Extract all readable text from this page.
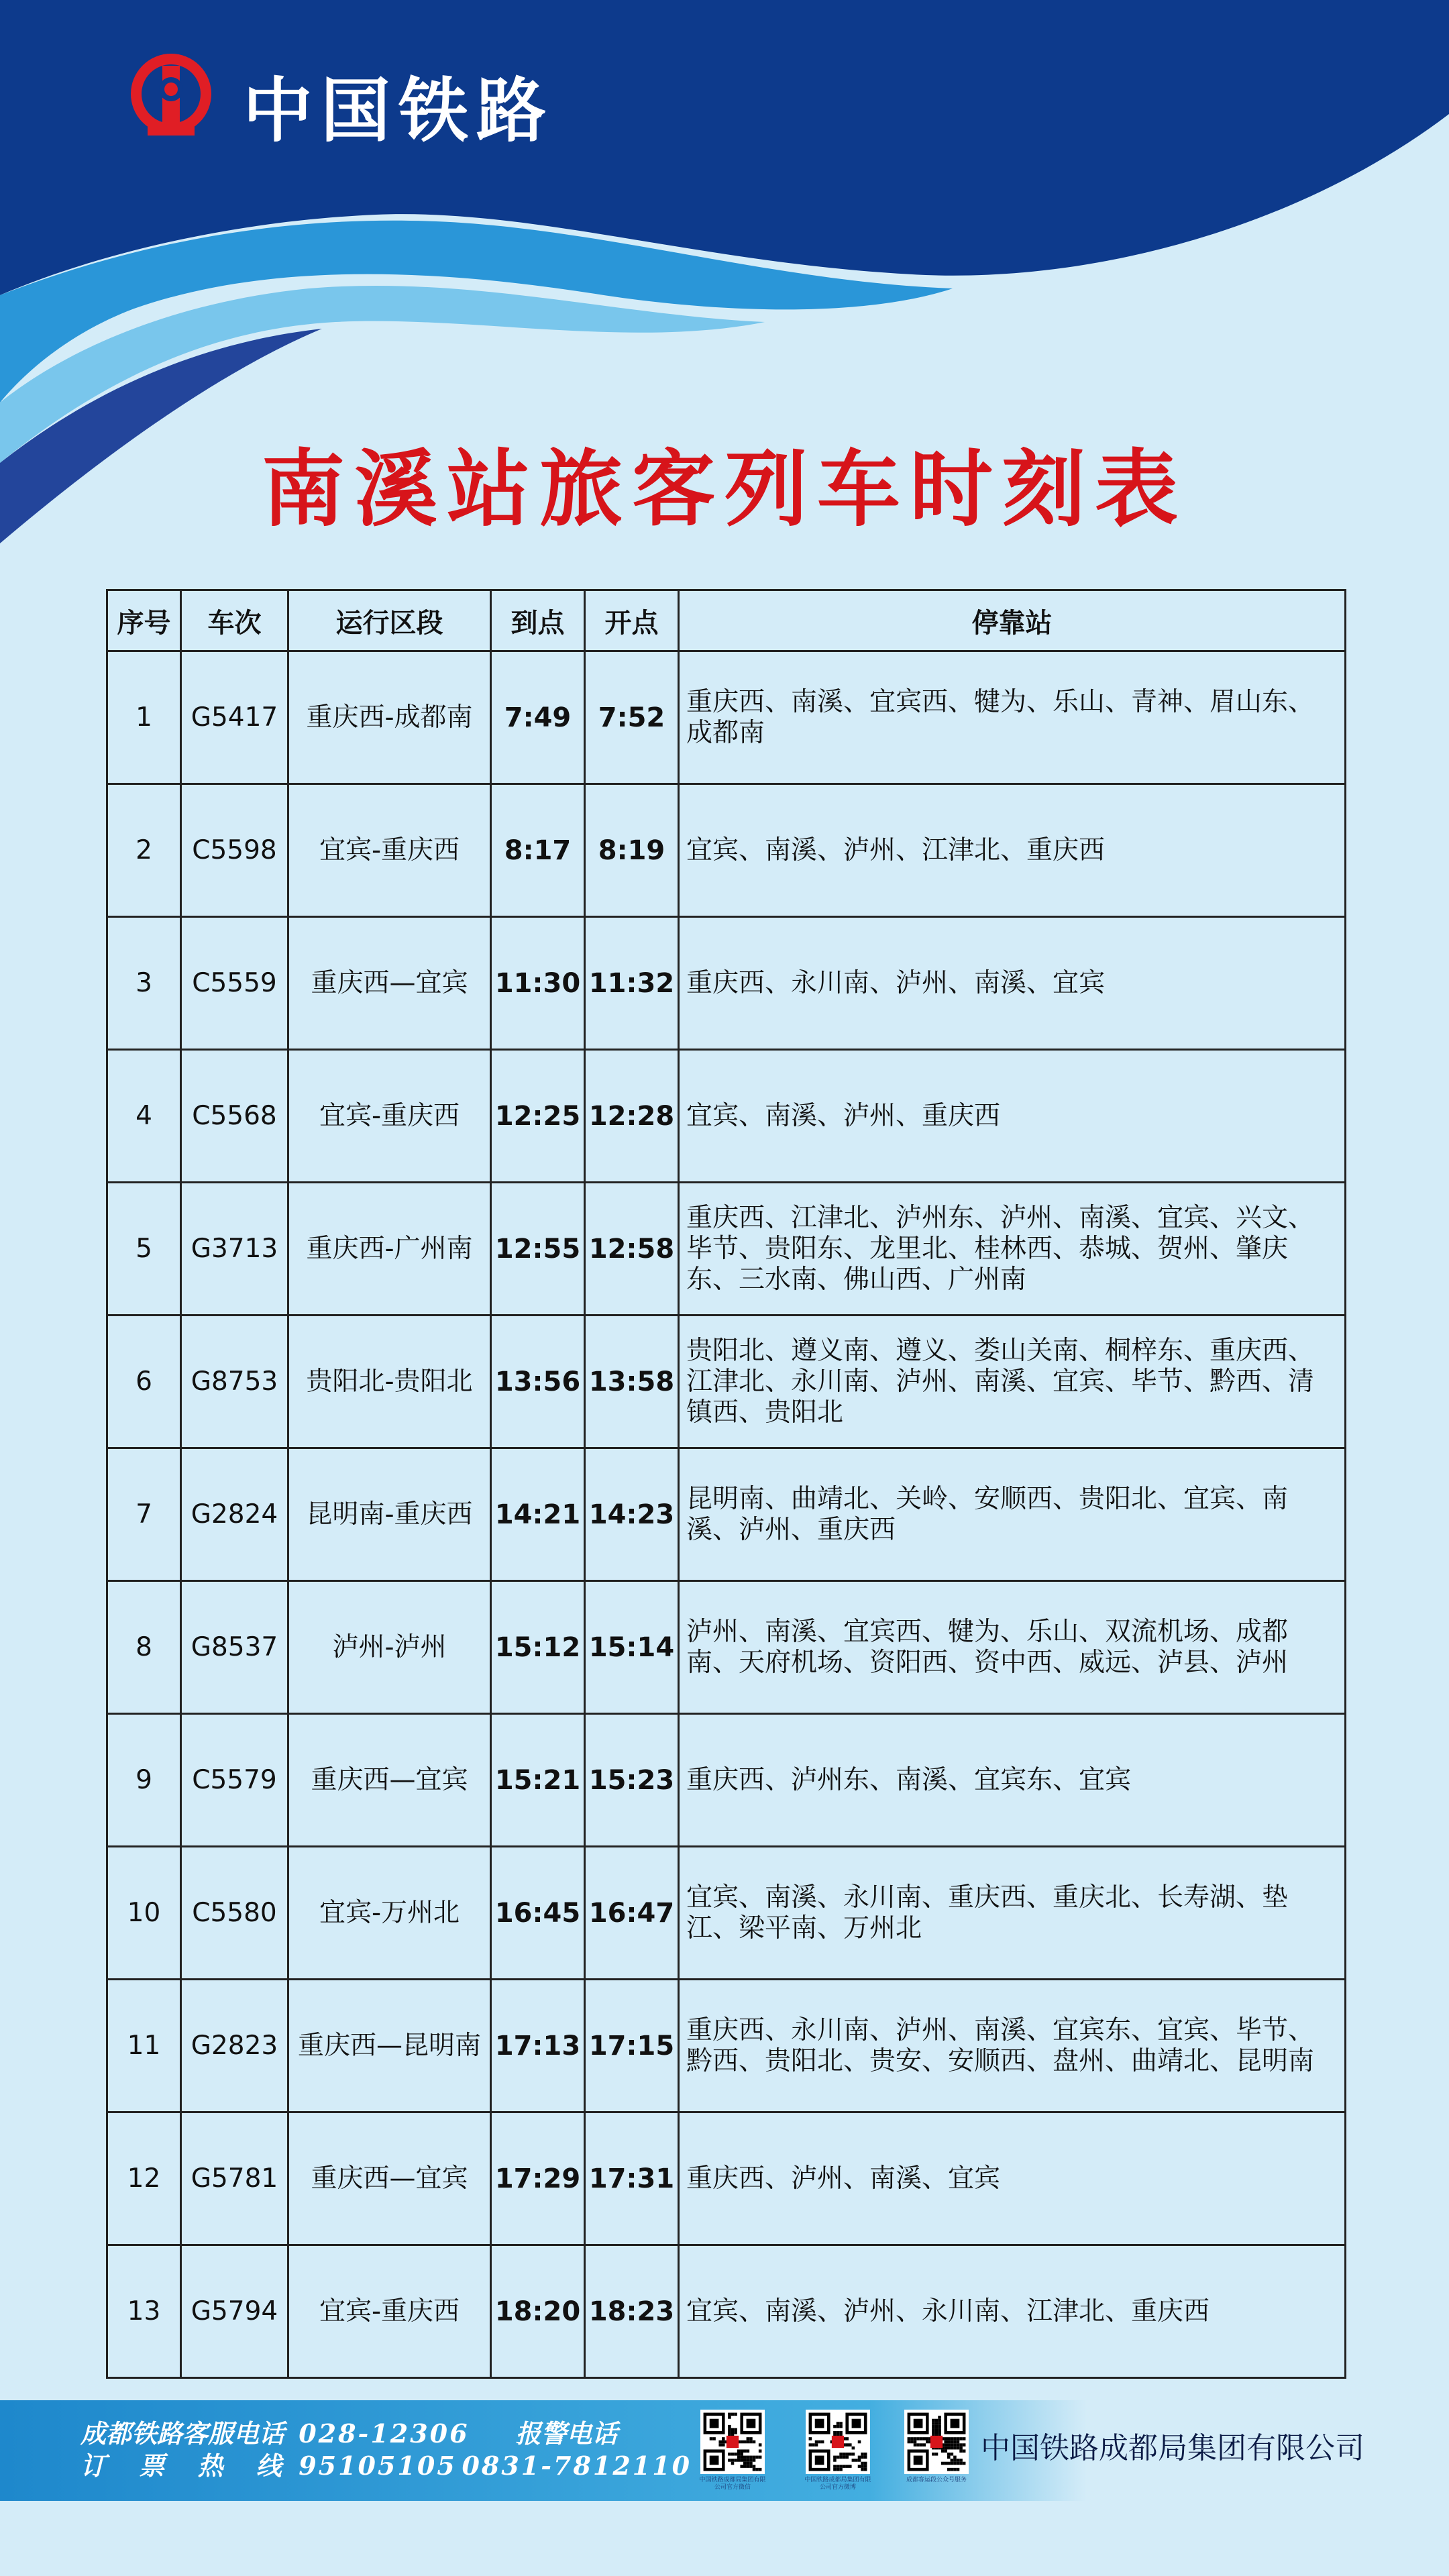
中国铁路
南溪站旅客列车时刻表
序号	车次	运行区段	到点	开点	停靠站
1	G5417	重庆西-成都南	7:49	7:52	重庆西、南溪、宜宾西、犍为、乐山、青神、眉山东、成都南
2	C5598	宜宾-重庆西	8:17	8:19	宜宾、南溪、泸州、江津北、重庆西
3	C5559	重庆西—宜宾	11:30	11:32	重庆西、永川南、泸州、南溪、宜宾
4	C5568	宜宾-重庆西	12:25	12:28	宜宾、南溪、泸州、重庆西
5	G3713	重庆西-广州南	12:55	12:58	重庆西、江津北、泸州东、泸州、南溪、宜宾、兴文、毕节、贵阳东、龙里北、桂林西、恭城、贺州、肇庆东、三水南、佛山西、广州南
6	G8753	贵阳北-贵阳北	13:56	13:58	贵阳北、遵义南、遵义、娄山关南、桐梓东、重庆西、江津北、永川南、泸州、南溪、宜宾、毕节、黔西、清镇西、贵阳北
7	G2824	昆明南-重庆西	14:21	14:23	昆明南、曲靖北、关岭、安顺西、贵阳北、宜宾、南溪、泸州、重庆西
8	G8537	泸州-泸州	15:12	15:14	泸州、南溪、宜宾西、犍为、乐山、双流机场、成都南、天府机场、资阳西、资中西、威远、泸县、泸州
9	C5579	重庆西—宜宾	15:21	15:23	重庆西、泸州东、南溪、宜宾东、宜宾
10	C5580	宜宾-万州北	16:45	16:47	宜宾、南溪、永川南、重庆西、重庆北、长寿湖、垫江、梁平南、万州北
11	G2823	重庆西—昆明南	17:13	17:15	重庆西、永川南、泸州、南溪、宜宾东、宜宾、毕节、黔西、贵阳北、贵安、安顺西、盘州、曲靖北、昆明南
12	G5781	重庆西—宜宾	17:29	17:31	重庆西、泸州、南溪、宜宾
13	G5794	宜宾-重庆西	18:20	18:23	宜宾、南溪、泸州、永川南、江津北、重庆西
成都铁路客服电话 028-12306 报警电话
订 票 热 线 95105105 0831-7812110 中国铁路成都局集团有限公司官方微信
中国铁路成都局集团有限公司官方微博
成都客运段公众号服务
中国铁路成都局集团有限公司
